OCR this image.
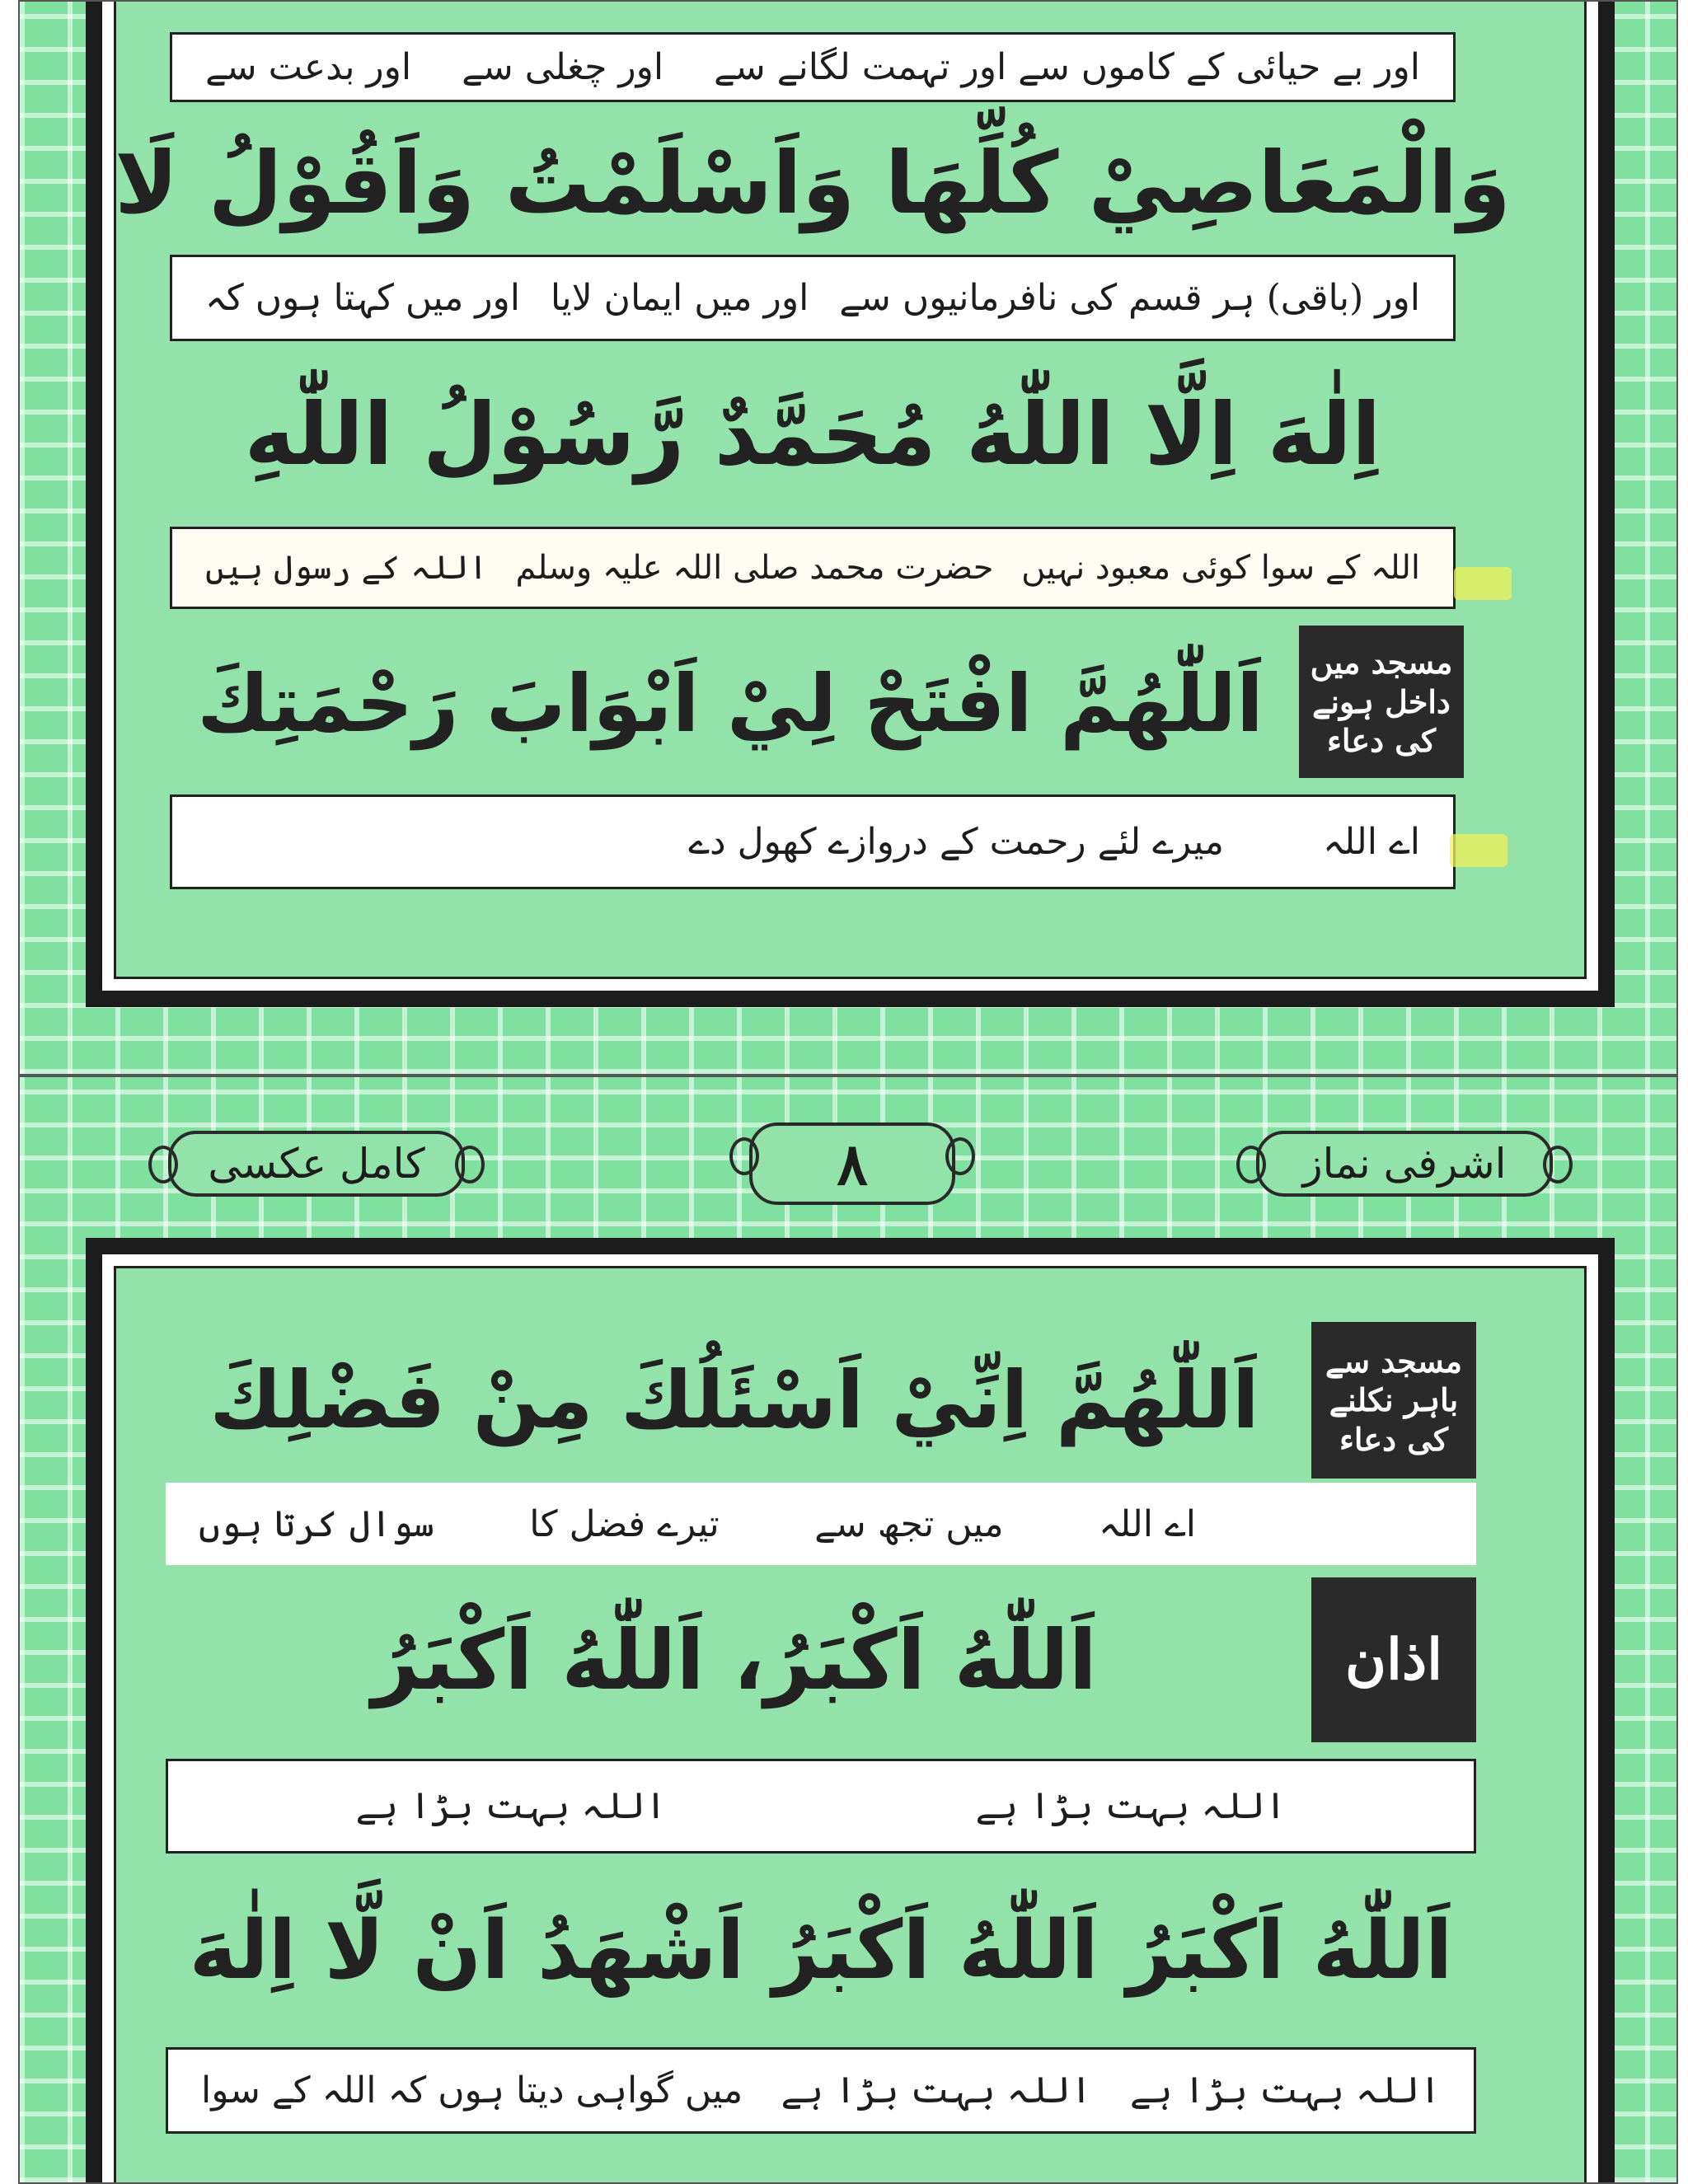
اور بے حیائی کے کاموں سے اور تہمت لگانے سے
اور چغلی سے
اور بدعت سے
وَالْمَعَاصِيْ كُلِّهَا وَاَسْلَمْتُ وَاَقُوْلُ لَا
اور (باقی) ہر قسم کی نافرمانیوں سے
اور میں ایمان لایا
اور میں کہتا ہوں کہ
اِلٰهَ اِلَّا اللّٰهُ مُحَمَّدٌ رَّسُوْلُ اللّٰهِ
اللہ کے سوا کوئی معبود نہیں
حضرت محمد صلی اللہ علیہ وسلم
اللہ کے رسول ہیں
مسجد میں داخل ہونے کی دعاء
اَللّٰهُمَّ افْتَحْ لِيْ اَبْوَابَ رَحْمَتِكَ
اے اللہ
میرے لئے رحمت کے دروازے کھول دے
اشرفی نماز
٨
کامل عکسی
مسجد سے باہر نکلنے کی دعاء
اَللّٰهُمَّ اِنِّيْ اَسْئَلُكَ مِنْ فَضْلِكَ
اے اللہ
میں تجھ سے
تیرے فضل کا
سوال کرتا ہوں
اذان
اَللّٰهُ اَكْبَرُ، اَللّٰهُ اَكْبَرُ
اللہ بہت بڑا ہے
اللہ بہت بڑا ہے
اَللّٰهُ اَكْبَرُ اَللّٰهُ اَكْبَرُ اَشْهَدُ اَنْ لَّا اِلٰهَ
اللہ بہت بڑا ہے
اللہ بہت بڑا ہے
میں گواہی دیتا ہوں کہ اللہ کے سوا
